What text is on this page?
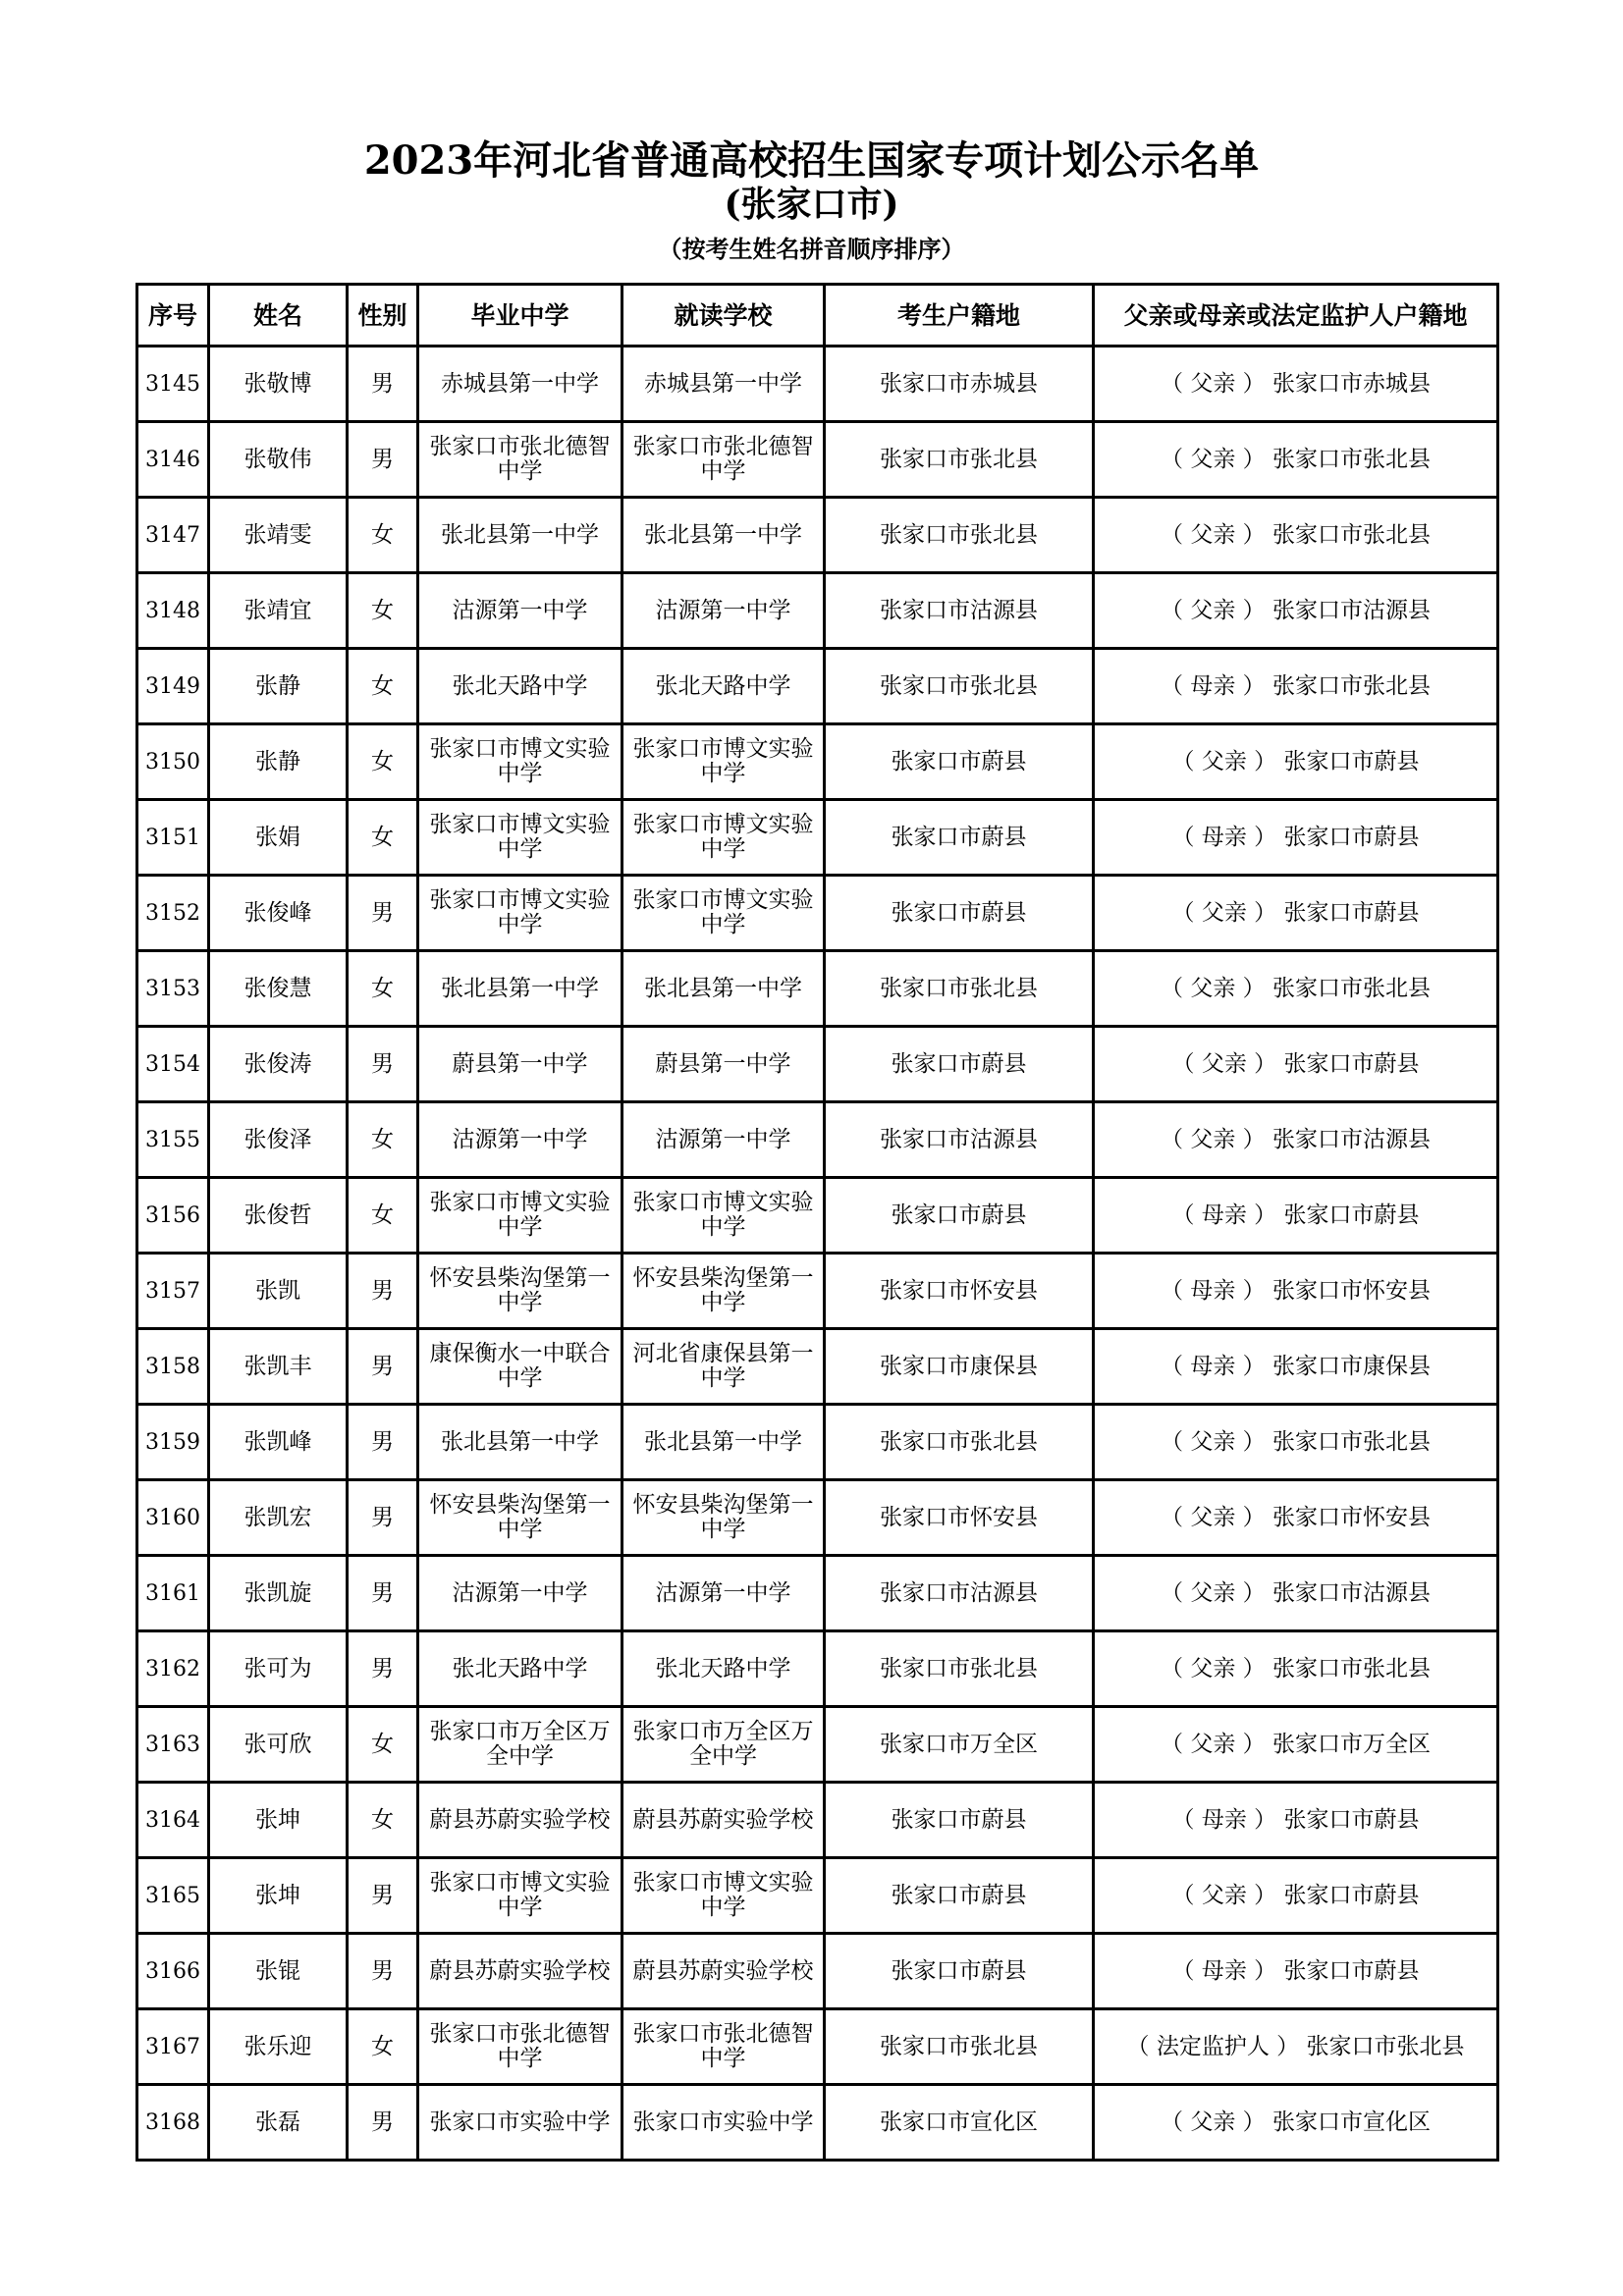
2023年河北省普通高校招生国家专项计划公示名单
(张家口市)
（按考生姓名拼音顺序排序）
序号	姓名	性别	毕业中学	就读学校	考生户籍地	父亲或母亲或法定监护人户籍地
3145	张敬博	男	赤城县第一中学	赤城县第一中学	张家口市赤城县	（ 父亲 ） 张家口市赤城县
3146	张敬伟	男	张家口市张北德智中学	张家口市张北德智中学	张家口市张北县	（ 父亲 ） 张家口市张北县
3147	张靖雯	女	张北县第一中学	张北县第一中学	张家口市张北县	（ 父亲 ） 张家口市张北县
3148	张靖宜	女	沽源第一中学	沽源第一中学	张家口市沽源县	（ 父亲 ） 张家口市沽源县
3149	张静	女	张北天路中学	张北天路中学	张家口市张北县	（ 母亲 ） 张家口市张北县
3150	张静	女	张家口市博文实验中学	张家口市博文实验中学	张家口市蔚县	（ 父亲 ） 张家口市蔚县
3151	张娟	女	张家口市博文实验中学	张家口市博文实验中学	张家口市蔚县	（ 母亲 ） 张家口市蔚县
3152	张俊峰	男	张家口市博文实验中学	张家口市博文实验中学	张家口市蔚县	（ 父亲 ） 张家口市蔚县
3153	张俊慧	女	张北县第一中学	张北县第一中学	张家口市张北县	（ 父亲 ） 张家口市张北县
3154	张俊涛	男	蔚县第一中学	蔚县第一中学	张家口市蔚县	（ 父亲 ） 张家口市蔚县
3155	张俊泽	女	沽源第一中学	沽源第一中学	张家口市沽源县	（ 父亲 ） 张家口市沽源县
3156	张俊哲	女	张家口市博文实验中学	张家口市博文实验中学	张家口市蔚县	（ 母亲 ） 张家口市蔚县
3157	张凯	男	怀安县柴沟堡第一中学	怀安县柴沟堡第一中学	张家口市怀安县	（ 母亲 ） 张家口市怀安县
3158	张凯丰	男	康保衡水一中联合中学	河北省康保县第一中学	张家口市康保县	（ 母亲 ） 张家口市康保县
3159	张凯峰	男	张北县第一中学	张北县第一中学	张家口市张北县	（ 父亲 ） 张家口市张北县
3160	张凯宏	男	怀安县柴沟堡第一中学	怀安县柴沟堡第一中学	张家口市怀安县	（ 父亲 ） 张家口市怀安县
3161	张凯旋	男	沽源第一中学	沽源第一中学	张家口市沽源县	（ 父亲 ） 张家口市沽源县
3162	张可为	男	张北天路中学	张北天路中学	张家口市张北县	（ 父亲 ） 张家口市张北县
3163	张可欣	女	张家口市万全区万全中学	张家口市万全区万全中学	张家口市万全区	（ 父亲 ） 张家口市万全区
3164	张坤	女	蔚县苏蔚实验学校	蔚县苏蔚实验学校	张家口市蔚县	（ 母亲 ） 张家口市蔚县
3165	张坤	男	张家口市博文实验中学	张家口市博文实验中学	张家口市蔚县	（ 父亲 ） 张家口市蔚县
3166	张锟	男	蔚县苏蔚实验学校	蔚县苏蔚实验学校	张家口市蔚县	（ 母亲 ） 张家口市蔚县
3167	张乐迎	女	张家口市张北德智中学	张家口市张北德智中学	张家口市张北县	（ 法定监护人 ） 张家口市张北县
3168	张磊	男	张家口市实验中学	张家口市实验中学	张家口市宣化区	（ 父亲 ） 张家口市宣化区
